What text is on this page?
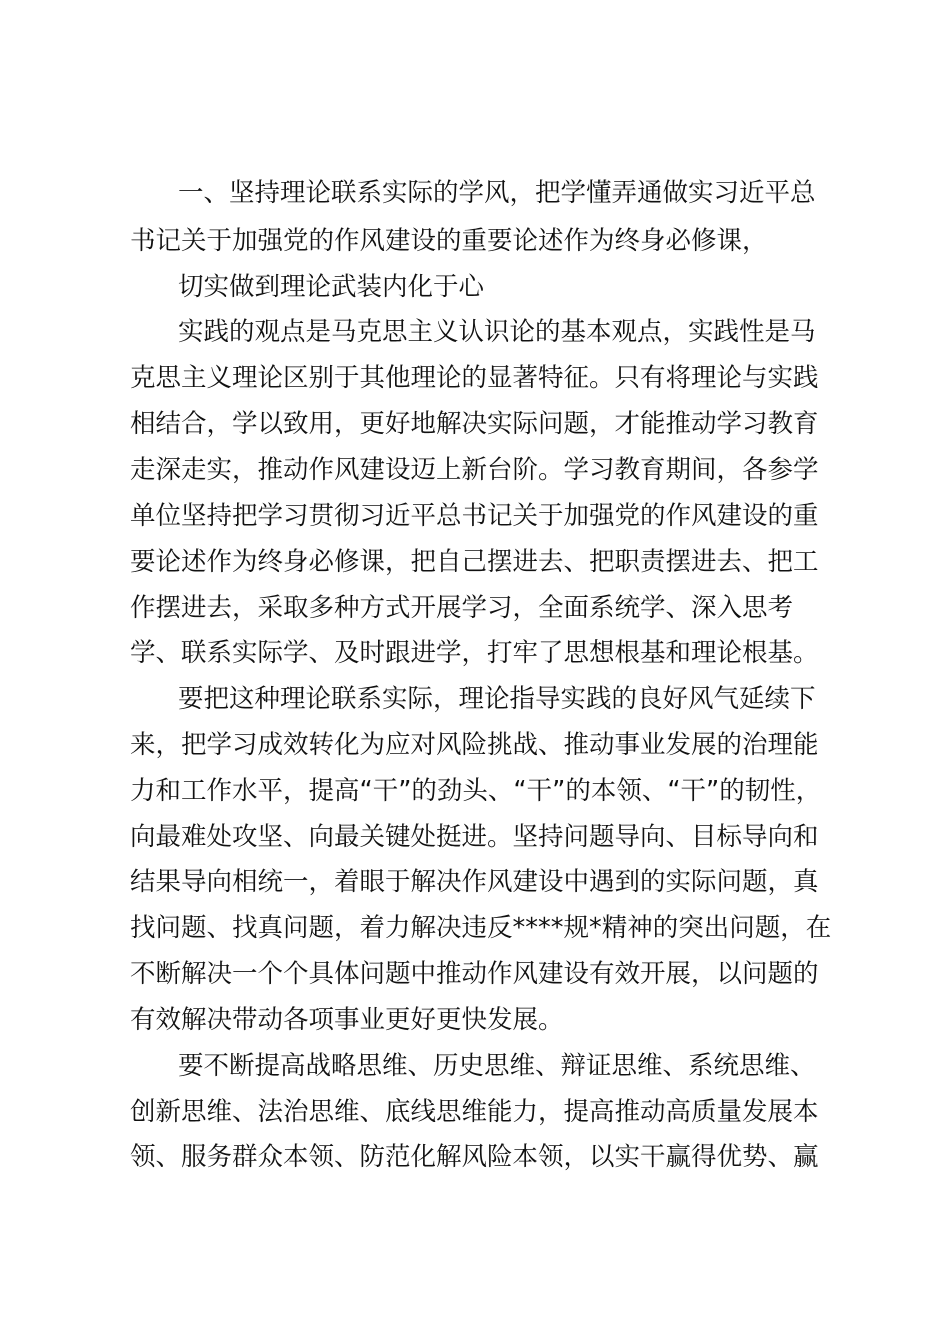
一、坚持理论联系实际的学风，把学懂弄通做实习近平总
书记关于加强党的作风建设的重要论述作为终身必修课，
切实做到理论武装内化于心
实践的观点是马克思主义认识论的基本观点，实践性是马
克思主义理论区别于其他理论的显著特征。只有将理论与实践
相结合，学以致用，更好地解决实际问题，才能推动学习教育
走深走实，推动作风建设迈上新台阶。学习教育期间，各参学
单位坚持把学习贯彻习近平总书记关于加强党的作风建设的重
要论述作为终身必修课，把自己摆进去、把职责摆进去、把工
作摆进去，采取多种方式开展学习，全面系统学、深入思考
学、联系实际学、及时跟进学，打牢了思想根基和理论根基。
要把这种理论联系实际，理论指导实践的良好风气延续下
来，把学习成效转化为应对风险挑战、推动事业发展的治理能
力和工作水平，提高“干”的劲头、“干”的本领、“干”的韧性，
向最难处攻坚、向最关键处挺进。坚持问题导向、目标导向和
结果导向相统一，着眼于解决作风建设中遇到的实际问题，真
找问题、找真问题，着力解决违反****规*精神的突出问题，在
不断解决一个个具体问题中推动作风建设有效开展，以问题的
有效解决带动各项事业更好更快发展。
要不断提高战略思维、历史思维、辩证思维、系统思维、
创新思维、法治思维、底线思维能力，提高推动高质量发展本
领、服务群众本领、防范化解风险本领，以实干赢得优势、赢
